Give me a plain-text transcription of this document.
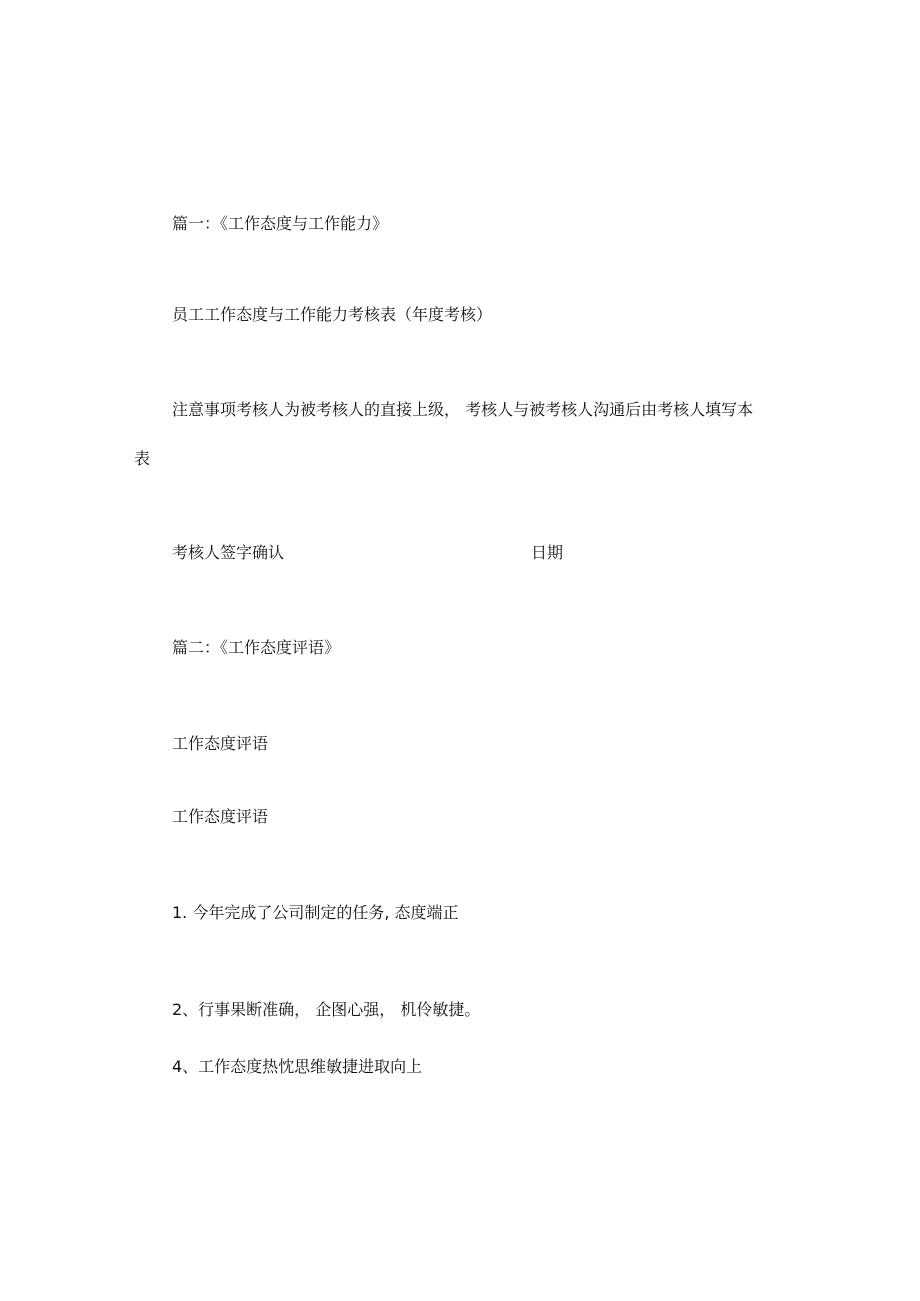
篇一：《工作态度与工作能力》
员工工作态度与工作能力考核表（年度考核）
注意事项考核人为被考核人的直接上级， 考核人与被考核人沟通后由考核人填写本
表
考核人签字确认	日期
篇二：《工作态度评语》
工作态度评语
工作态度评语
1. 今年完成了公司制定的任务, 态度端正
2、行事果断准确， 企图心强， 机伶敏捷。
4、工作态度热忱思维敏捷进取向上
